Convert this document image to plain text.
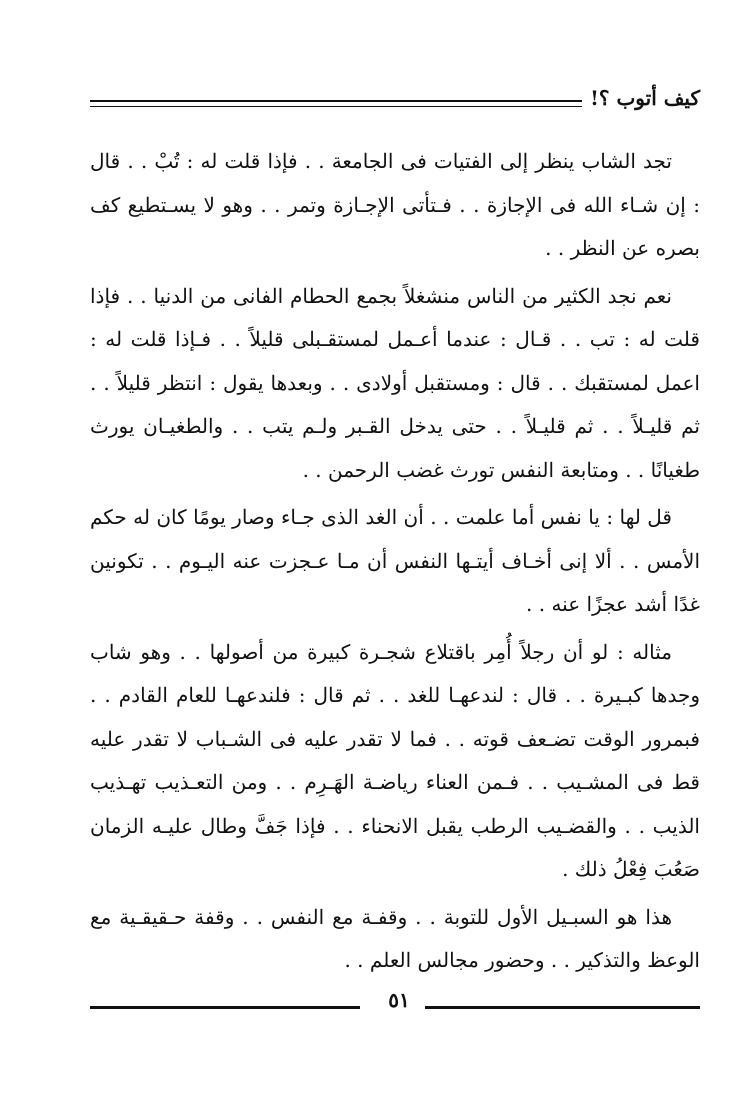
كيف أتوب ؟!

تجد الشاب ينظر إلى الفتيات فى الجامعة . . فإذا قلت له : تُبْ . . قال : إن شـاء الله فى الإجازة . . فـتأتى الإجـازة وتمر . . وهو لا يسـتطيع كف بصره عن النظر . .

نعم نجد الكثير من الناس منشغلاً بجمع الحطام الفانى من الدنيا . . فإذا قلت له : تب . . قـال : عندما أعـمل لمستقـبلى قليلاً . . فـإذا قلت له : اعمل لمستقبك . . قال : ومستقبل أولادى . . وبعدها يقول : انتظر قليلاً . . ثم قليـلاً . . ثم قليـلاً . . حتى يدخل القـبر ولـم يتب . . والطغيـان يورث طغيانًا . . ومتابعة النفس تورث غضب الرحمن . .

قل لها : يا نفس أما علمت . . أن الغد الذى جـاء وصار يومًا كان له حكم الأمس . . ألا إنى أخـاف أيتـها النفس أن مـا عـجزت عنه اليـوم . . تكونين غدًا أشد عجزًا عنه . .

مثاله : لو أن رجلاً أُمِر باقتلاع شجـرة كبيرة من أصولها . . وهو شاب وجدها كبـيرة . . قال : لندعهـا للغد . . ثم قال : فلندعهـا للعام القادم . . فبمرور الوقت تضـعف قوته . . فما لا تقدر عليه فى الشـباب لا تقدر عليه قط فى المشـيب . . فـمن العناء رياضـة الهَـرِم . . ومن التعـذيب تهـذيب الذيب . . والقضـيب الرطب يقبل الانحناء . . فإذا جَفَّ وطال عليـه الزمان صَعُبَ فِعْلُ ذلك .

هذا هو السبـيل الأول للتوبة . . وقفـة مع النفس . . وقفة حـقيقـية مع الوعظ والتذكير . . وحضور مجالس العلم . .

٥١
